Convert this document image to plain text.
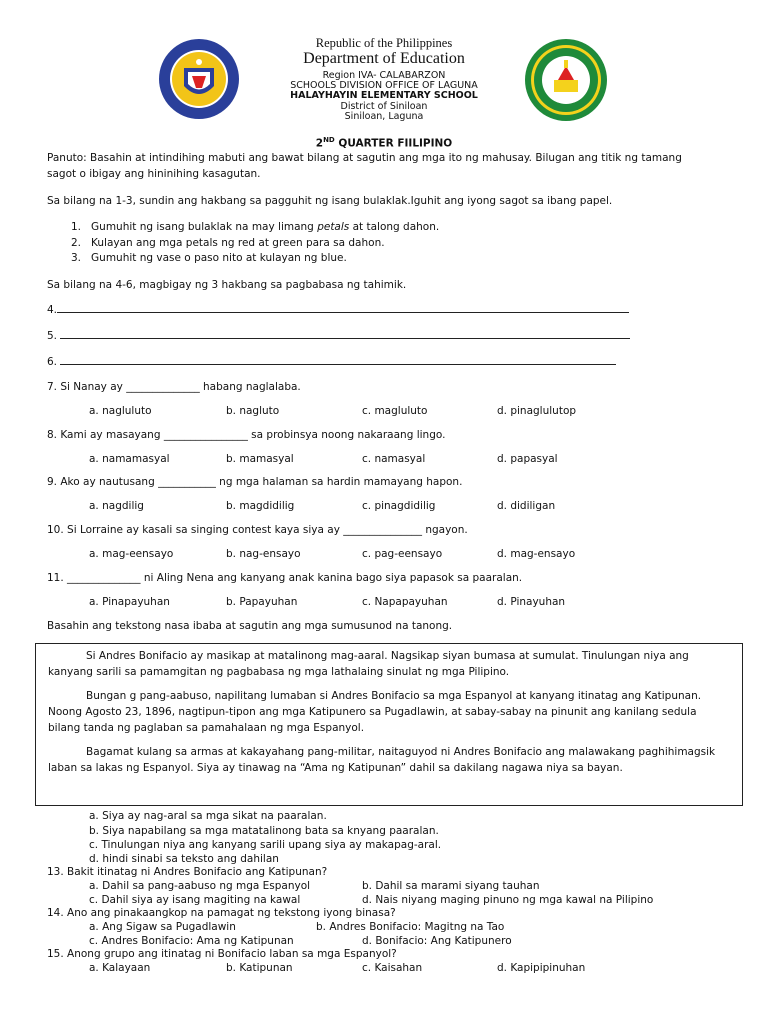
Republic of the Philippines
Department of Education
Region IVA- CALABARZON
SCHOOLS DIVISION OFFICE OF LAGUNA
HALAYHAYIN ELEMENTARY SCHOOL
District of Siniloan
Siniloan, Laguna
2ND QUARTER FIILIPINO
Panuto: Basahin at intindihing mabuti ang bawat bilang at sagutin ang mga ito ng mahusay. Bilugan ang titik ng tamang
sagot o ibigay ang hininihing kasagutan.
Sa bilang na 1-3, sundin ang hakbang sa pagguhit ng isang bulaklak.Iguhit ang iyong sagot sa ibang papel.
1. Gumuhit ng isang bulaklak na may limang petals at talong dahon.
2. Kulayan ang mga petals ng red at green para sa dahon.
3. Gumuhit ng vase o paso nito at kulayan ng blue.
Sa bilang na 4-6, magbigay ng 3 hakbang sa pagbabasa ng tahimik.
4.
5.
6.
7. Si Nanay ay ______________ habang naglalaba.
a. nagluluto	b. nagluto	c. magluluto	d. pinaglulutop
8. Kami ay masayang ________________ sa probinsya noong nakaraang lingo.
a. namamasyal	b. mamasyal	c. namasyal	d. papasyal
9. Ako ay nautusang ___________ ng mga halaman sa hardin mamayang hapon.
a. nagdilig	b. magdidilig	c. pinagdidilig	d. didiligan
10. Si Lorraine ay kasali sa singing contest kaya siya ay _______________ ngayon.
a. mag-eensayo	b. nag-ensayo	c. pag-eensayo	d. mag-ensayo
11. ______________ ni Aling Nena ang kanyang anak kanina bago siya papasok sa paaralan.
a. Pinapayuhan	b. Papayuhan	c. Napapayuhan	d. Pinayuhan
Basahin ang tekstong nasa ibaba at sagutin ang mga sumusunod na tanong.

Si Andres Bonifacio ay masikap at matalinong mag-aaral. Nagsikap siyan bumasa at sumulat. Tinulungan niya ang kanyang sarili sa pamamgitan ng pagbabasa ng mga lathalaing sinulat ng mga Pilipino.

Bungan g pang-aabuso, napilitang lumaban si Andres Bonifacio sa mga Espanyol at kanyang itinatag ang Katipunan. Noong Agosto 23, 1896, nagtipun-tipon ang mga Katipunero sa Pugadlawin, at sabay-sabay na pinunit ang kanilang sedula bilang tanda ng paglaban sa pamahalaan ng mga Espanyol.

Bagamat kulang sa armas at kakayahang pang-militar, naitaguyod ni Andres Bonifacio ang malawakang paghihimagsik laban sa lakas ng Espanyol. Siya ay tinawag na “Ama ng Katipunan” dahil sa dakilang nagawa niya sa bayan.

a. Siya ay nag-aral sa mga sikat na paaralan.
b. Siya napabilang sa mga matatalinong bata sa knyang paaralan.
c. Tinulungan niya ang kanyang sarili upang siya ay makapag-aral.
d. hindi sinabi sa teksto ang dahilan
13. Bakit itinatag ni Andres Bonifacio ang Katipunan?
a. Dahil sa pang-aabuso ng mga Espanyol	b. Dahil sa marami siyang tauhan
c. Dahil siya ay isang magiting na kawal	d. Nais niyang maging pinuno ng mga kawal na Pilipino
14. Ano ang pinakaangkop na pamagat ng tekstong iyong binasa?
a. Ang Sigaw sa Pugadlawin	b. Andres Bonifacio: Magitng na Tao
c. Andres Bonifacio: Ama ng Katipunan	d. Bonifacio: Ang Katipunero
15. Anong grupo ang itinatag ni Bonifacio laban sa mga Espanyol?
a. Kalayaan	b. Katipunan	c. Kaisahan	d. Kapipipinuhan
